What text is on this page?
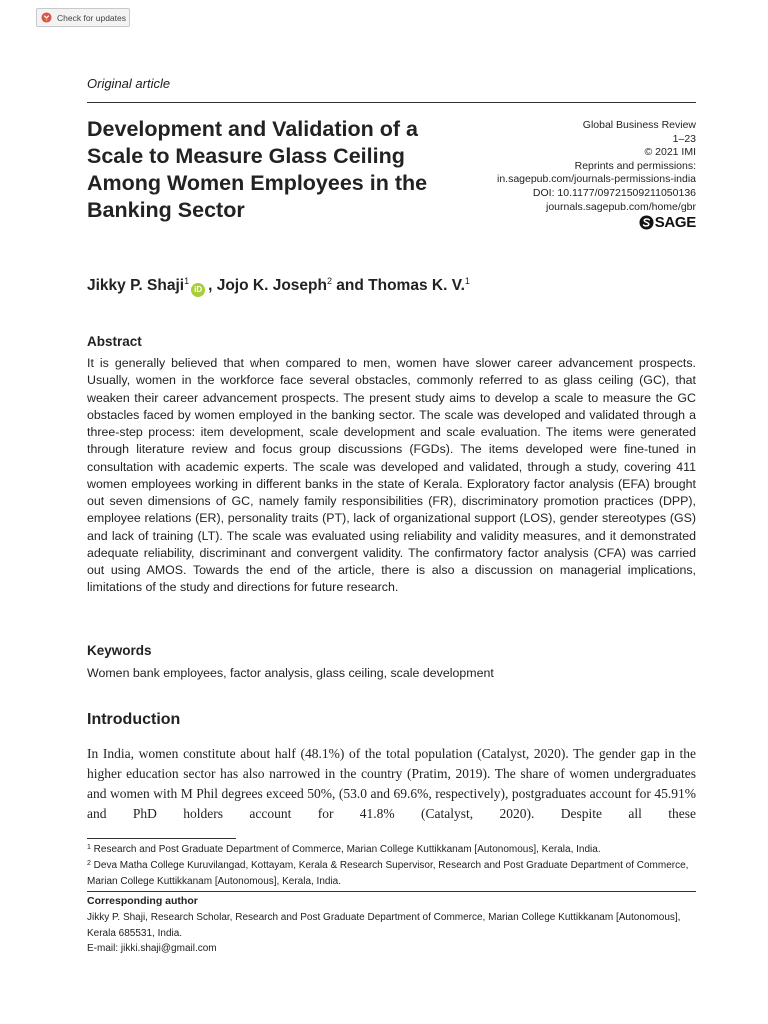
Check for updates
Original article
Development and Validation of a Scale to Measure Glass Ceiling Among Women Employees in the Banking Sector
Global Business Review
1–23
© 2021 IMI
Reprints and permissions:
in.sagepub.com/journals-permissions-india
DOI: 10.1177/09721509211050136
journals.sagepub.com/home/gbr
SAGE
Jikky P. Shaji$^1$
iD , Jojo K. Joseph$^2$ and Thomas K. V.$^1$
Abstract
It is generally believed that when compared to men, women have slower career advancement prospects. Usually, women in the workforce face several obstacles, commonly referred to as glass ceiling (GC), that weaken their career advancement prospects. The present study aims to develop a scale to measure the GC obstacles faced by women employed in the banking sector. The scale was developed and validated through a three-step process: item development, scale development and scale evaluation. The items were generated through literature review and focus group discussions (FGDs). The items developed were fine-tuned in consultation with academic experts. The scale was developed and validated, through a study, covering 411 women employees working in different banks in the state of Kerala. Exploratory factor analysis (EFA) brought out seven dimensions of GC, namely family responsibilities (FR), discriminatory promotion practices (DPP), employee relations (ER), personality traits (PT), lack of organizational support (LOS), gender stereotypes (GS) and lack of training (LT). The scale was evaluated using reliability and validity measures, and it demonstrated adequate reliability, discriminant and convergent validity. The confirmatory factor analysis (CFA) was carried out using AMOS. Towards the end of the article, there is also a discussion on managerial implications, limitations of the study and directions for future research.
Keywords
Women bank employees, factor analysis, glass ceiling, scale development
Introduction
In India, women constitute about half (48.1%) of the total population (Catalyst, 2020). The gender gap in the higher education sector has also narrowed in the country (Pratim, 2019). The share of women undergraduates and women with M Phil degrees exceed 50%, (53.0 and 69.6%, respectively), postgraduates account for 45.91% and PhD holders account for 41.8% (Catalyst, 2020). Despite all these
$^1$ Research and Post Graduate Department of Commerce, Marian College Kuttikkanam [Autonomous], Kerala, India.
$^2$ Deva Matha College Kuruvilangad, Kottayam, Kerala & Research Supervisor, Research and Post Graduate Department of Commerce, Marian College Kuttikkanam [Autonomous], Kerala, India.
Corresponding author
Jikky P. Shaji, Research Scholar, Research and Post Graduate Department of Commerce, Marian College Kuttikkanam [Autonomous], Kerala 685531, India.
E-mail: jikki.shaji@gmail.com
